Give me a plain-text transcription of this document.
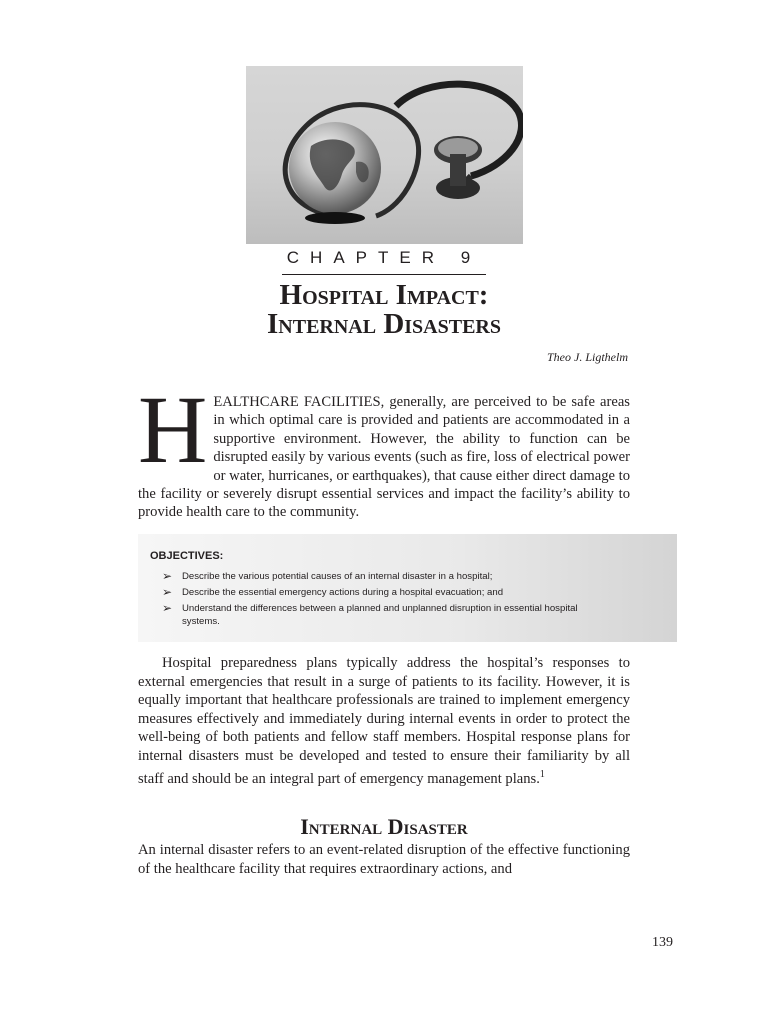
CHAPTER 9
Hospital Impact:
Internal Disasters
Theo J. Ligthelm

HEALTHCARE FACILITIES, generally, are perceived to be safe areas in which optimal care is provided and patients are accommodated in a supportive environment. However, the ability to function can be disrupted easily by various events (such as fire, loss of electrical power or water, hurricanes, or earthquakes), that cause either direct damage to the facility or severely disrupt essential services and impact the facility’s ability to provide health care to the community.

OBJECTIVES:
➢	Describe the various potential causes of an internal disaster in a hospital;
➢	Describe the essential emergency actions during a hospital evacuation; and
➢	Understand the differences between a planned and unplanned disruption in essential hospital systems.

Hospital preparedness plans typically address the hospital’s responses to external emergencies that result in a surge of patients to its facility. However, it is equally important that healthcare professionals are trained to implement emergency measures effectively and immediately during internal events in order to protect the well-being of both patients and fellow staff members. Hospital response plans for internal disasters must be developed and tested to ensure their familiarity by all staff and should be an integral part of emergency management plans.$^1$

Internal Disaster

An internal disaster refers to an event-related disruption of the effective functioning of the healthcare facility that requires extraordinary actions, and

139
